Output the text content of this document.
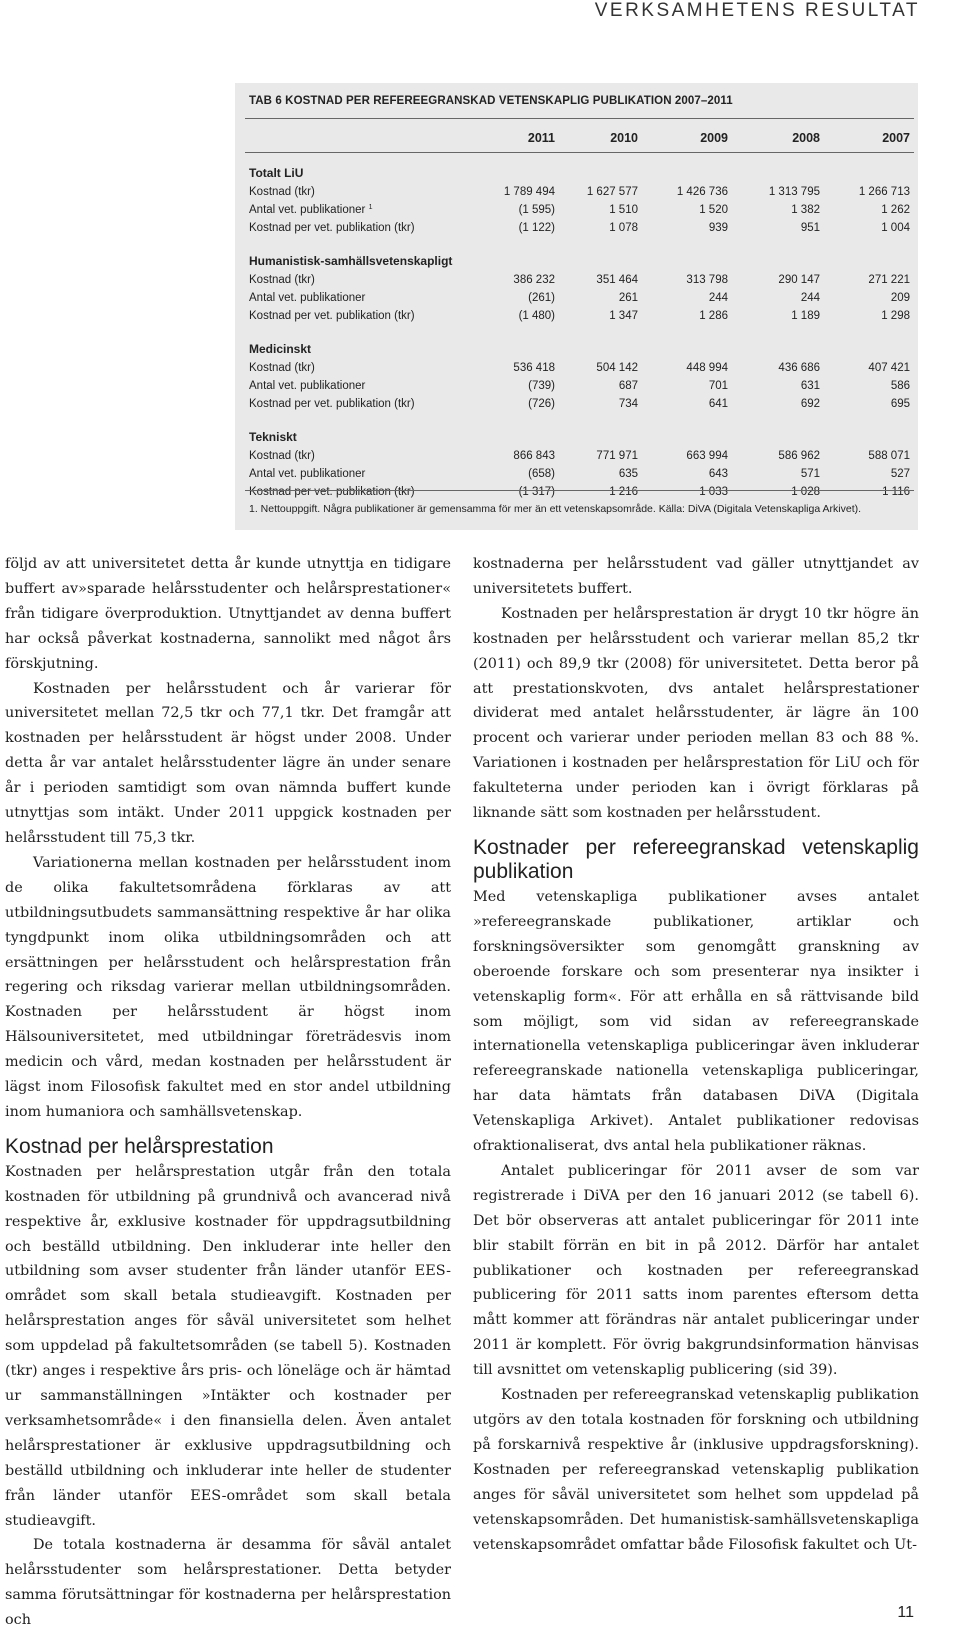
VERKSAMHETENS RESULTAT
TAB 6 KOSTNAD PER REFEREEGRANSKAD VETENSKAPLIG PUBLIKATION 2007–2011
2011	2010	2009	2008	2007
Totalt LiU
Kostnad (tkr)	1 789 494	1 627 577	1 426 736	1 313 795	1 266 713
Antal vet. publikationer $^1$	(1 595)	1 510	1 520	1 382	1 262
Kostnad per vet. publikation (tkr)	(1 122)	1 078	939	951	1 004
Humanistisk-samhällsvetenskapligt
Kostnad (tkr)	386 232	351 464	313 798	290 147	271 221
Antal vet. publikationer	(261)	261	244	244	209
Kostnad per vet. publikation (tkr)	(1 480)	1 347	1 286	1 189	1 298
Medicinskt
Kostnad (tkr)	536 418	504 142	448 994	436 686	407 421
Antal vet. publikationer	(739)	687	701	631	586
Kostnad per vet. publikation (tkr)	(726)	734	641	692	695
Tekniskt
Kostnad (tkr)	866 843	771 971	663 994	586 962	588 071
Antal vet. publikationer	(658)	635	643	571	527
Kostnad per vet. publikation (tkr)	(1 317)	1 216	1 033	1 028	1 116
1. Nettouppgift. Några publikationer är gemensamma för mer än ett vetenskapsområde. Källa: DiVA (Digitala Vetenskapliga Arkivet).

följd av att universitetet detta år kunde utnyttja en tidigare buffert av»sparade helårsstudenter och helårsprestationer« från tidigare överproduktion. Utnyttjandet av denna buffert har också påverkat kostnaderna, sannolikt med något års förskjutning.

Kostnaden per helårsstudent och år varierar för universitetet mellan 72,5 tkr och 77,1 tkr. Det framgår att kostnaden per helårsstudent är högst under 2008. Under detta år var antalet helårsstudenter lägre än under senare år i perioden samtidigt som ovan nämnda buffert kunde utnyttjas som intäkt. Under 2011 uppgick kostnaden per helårsstudent till 75,3 tkr.

Variationerna mellan kostnaden per helårsstudent inom de olika fakultetsområdena förklaras av att utbildningsutbudets sammansättning respektive år har olika tyngdpunkt inom olika utbildningsområden och att ersättningen per helårsstudent och helårsprestation från regering och riksdag varierar mellan utbildningsområden. Kostnaden per helårsstudent är högst inom Hälsouniversitetet, med utbildningar företrädesvis inom medicin och vård, medan kostnaden per helårsstudent är lägst inom Filosofisk fakultet med en stor andel utbildning inom humaniora och samhällsvetenskap.

Kostnad per helårsprestation

Kostnaden per helårsprestation utgår från den totala kostnaden för utbildning på grundnivå och avancerad nivå respektive år, exklusive kostnader för uppdragsutbildning och beställd utbildning. Den inkluderar inte heller den utbildning som avser studenter från länder utanför EES-området som skall betala studieavgift. Kostnaden per helårsprestation anges för såväl universitetet som helhet som uppdelad på fakultetsområden (se tabell 5). Kostnaden (tkr) anges i respektive års pris- och löneläge och är hämtad ur sammanställningen »Intäkter och kostnader per verksamhetsområde« i den finansiella delen. Även antalet helårsprestationer är exklusive uppdragsutbildning och beställd utbildning och inkluderar inte heller de studenter från länder utanför EES-området som skall betala studieavgift.

De totala kostnaderna är desamma för såväl antalet helårsstudenter som helårsprestationer. Detta betyder samma förutsättningar för kostnaderna per helårsprestation och

kostnaderna per helårsstudent vad gäller utnyttjandet av universitetets buffert.

Kostnaden per helårsprestation är drygt 10 tkr högre än kostnaden per helårsstudent och varierar mellan 85,2 tkr (2011) och 89,9 tkr (2008) för universitetet. Detta beror på att prestationskvoten, dvs antalet helårsprestationer dividerat med antalet helårsstudenter, är lägre än 100 procent och varierar under perioden mellan 83 och 88 %. Variationen i kostnaden per helårsprestation för LiU och för fakulteterna under perioden kan i övrigt förklaras på liknande sätt som kostnaden per helårsstudent.

Kostnader per refereegranskad vetenskaplig publikation

Med vetenskapliga publikationer avses antalet »refereegranskade publikationer, artiklar och forskningsöversikter som genomgått granskning av oberoende forskare och som presenterar nya insikter i vetenskaplig form«. För att erhålla en så rättvisande bild som möjligt, som vid sidan av refereegranskade internationella vetenskapliga publiceringar även inkluderar refereegranskade nationella vetenskapliga publiceringar, har data hämtats från databasen DiVA (Digitala Vetenskapliga Arkivet). Antalet publikationer redovisas ofraktionaliserat, dvs antal hela publikationer räknas.

Antalet publiceringar för 2011 avser de som var registrerade i DiVA per den 16 januari 2012 (se tabell 6). Det bör observeras att antalet publiceringar för 2011 inte blir stabilt förrän en bit in på 2012. Därför har antalet publikationer och kostnaden per refereegranskad publicering för 2011 satts inom parentes eftersom detta mått kommer att förändras när antalet publiceringar under 2011 är komplett. För övrig bakgrundsinformation hänvisas till avsnittet om vetenskaplig publicering (sid 39).

Kostnaden per refereegranskad vetenskaplig publikation utgörs av den totala kostnaden för forskning och utbildning på forskarnivå respektive år (inklusive uppdragsforskning). Kostnaden per refereegranskad vetenskaplig publikation anges för såväl universitetet som helhet som uppdelad på vetenskapsområden. Det humanistisk-samhällsvetenskapliga vetenskapsområdet omfattar både Filosofisk fakultet och Ut-

11
